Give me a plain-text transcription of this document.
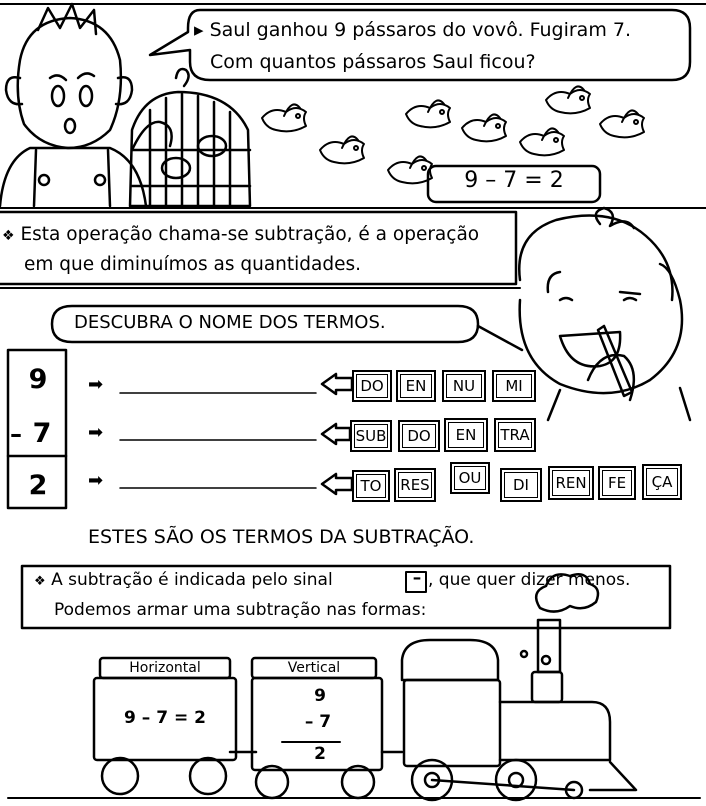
▸ Saul ganhou 9 pássaros do vovô. Fugiram 7.
Com quantos pássaros Saul ficou?
9 – 7 = 2
❖ Esta operação chama-se subtração, é a operação
em que diminuímos as quantidades.
DESCUBRA O NOME DOS TERMOS.
9
– 7
2
➡
➡
➡
DO EN NU MI
SUB DO EN TRA
TO RES OU DI REN FE ÇA
ESTES SÃO OS TERMOS DA SUBTRAÇÃO.
❖ A subtração é indicada pelo sinal	– , que quer dizer menos.
Podemos armar uma subtração nas formas:
Horizontal
9 – 7 = 2
Vertical
9
– 7
2
